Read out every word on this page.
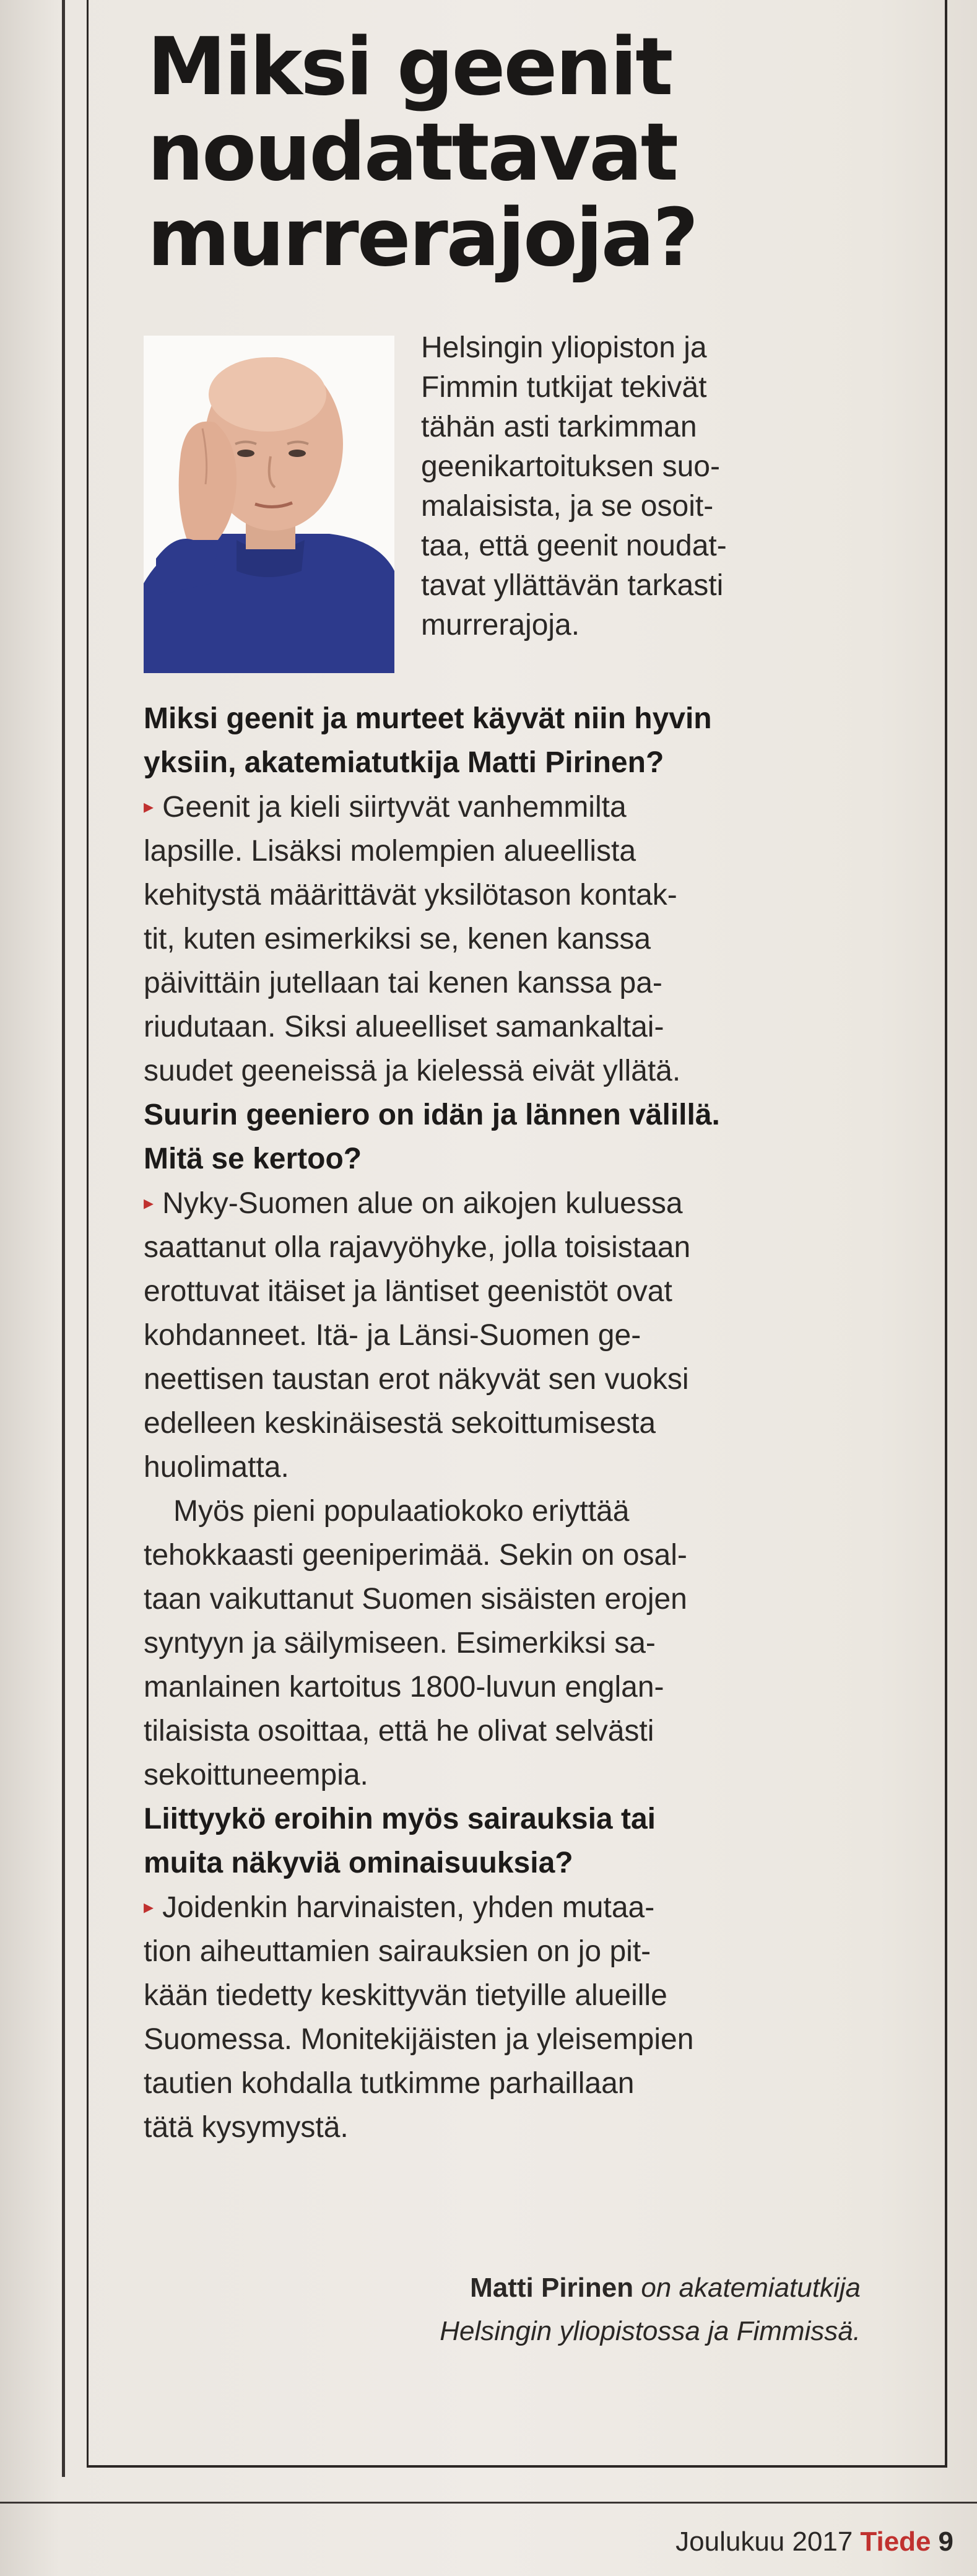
Miksi geenit
noudattavat
murrerajoja?

Helsingin yliopiston ja
Fimmin tutkijat tekivät
tähän asti tarkimman
geenikartoituksen suo-
malaisista, ja se osoit-
taa, että geenit noudat-
tavat yllättävän tarkasti
murrerajoja.

Miksi geenit ja murteet käyvät niin hyvin
yksiin, akatemiatutkija Matti Pirinen?

▸ Geenit ja kieli siirtyvät vanhemmilta
lapsille. Lisäksi molempien alueellista
kehitystä määrittävät yksilötason kontak-
tit, kuten esimerkiksi se, kenen kanssa
päivittäin jutellaan tai kenen kanssa pa-
riudutaan. Siksi alueelliset samankaltai-
suudet geeneissä ja kielessä eivät yllätä.

Suurin geeniero on idän ja lännen välillä.
Mitä se kertoo?

▸ Nyky-Suomen alue on aikojen kuluessa
saattanut olla rajavyöhyke, jolla toisistaan
erottuvat itäiset ja läntiset geenistöt ovat
kohdanneet. Itä- ja Länsi-Suomen ge-
neettisen taustan erot näkyvät sen vuoksi
edelleen keskinäisestä sekoittumisesta
huolimatta.

Myös pieni populaatiokoko eriyttää
tehokkaasti geeniperimää. Sekin on osal-
taan vaikuttanut Suomen sisäisten erojen
syntyyn ja säilymiseen. Esimerkiksi sa-
manlainen kartoitus 1800-luvun englan-
tilaisista osoittaa, että he olivat selvästi
sekoittuneempia.

Liittyykö eroihin myös sairauksia tai
muita näkyviä ominaisuuksia?

▸ Joidenkin harvinaisten, yhden mutaa-
tion aiheuttamien sairauksien on jo pit-
kään tiedetty keskittyvän tietyille alueille
Suomessa. Monitekijäisten ja yleisempien
tautien kohdalla tutkimme parhaillaan
tätä kysymystä.

Matti Pirinen on akatemiatutkija
Helsingin yliopistossa ja Fimmissä.
Joulukuu 2017 Tiede 9
